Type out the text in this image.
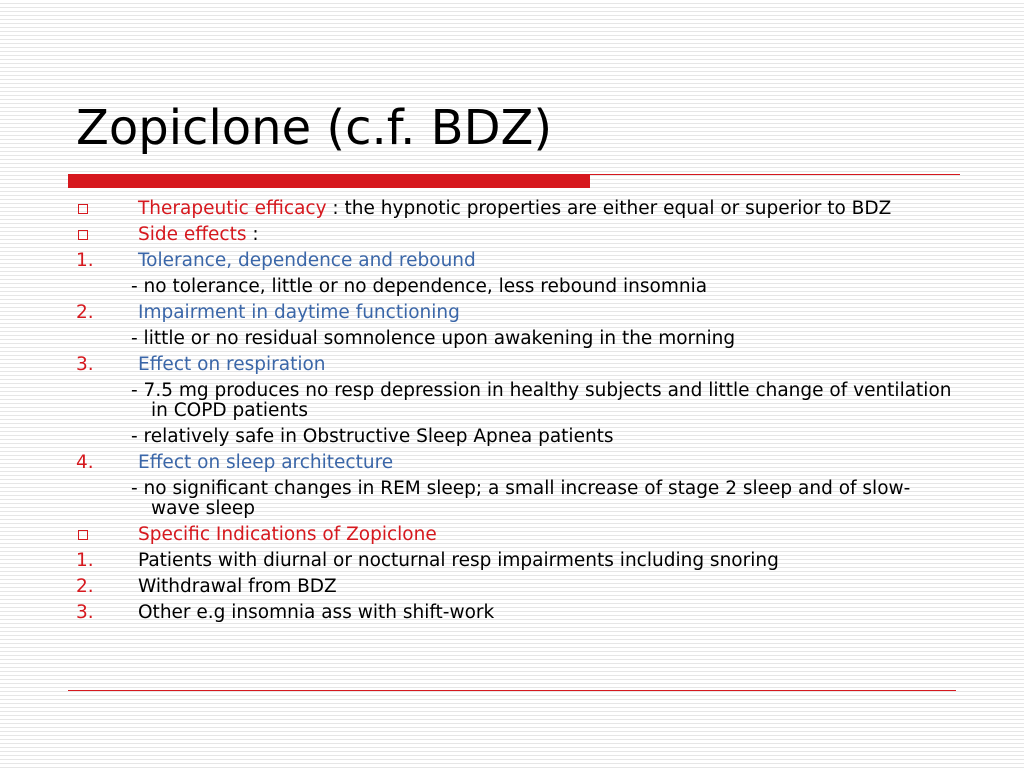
Zopiclone (c.f. BDZ)
Therapeutic efficacy : the hypnotic properties are either equal or superior to BDZ
Side effects :
1.	Tolerance, dependence and rebound
- no tolerance, little or no dependence, less rebound insomnia
2.	Impairment in daytime functioning
- little or no residual somnolence upon awakening in the morning
3.	Effect on respiration
- 7.5 mg produces no resp depression in healthy subjects and little change of ventilation in COPD patients
- relatively safe in Obstructive Sleep Apnea patients
4.	Effect on sleep architecture
- no significant changes in REM sleep; a small increase of stage 2 sleep and of slow-wave sleep
Specific Indications of Zopiclone
1.	Patients with diurnal or nocturnal resp impairments including snoring
2.	Withdrawal from BDZ
3.	Other e.g insomnia ass with shift-work
